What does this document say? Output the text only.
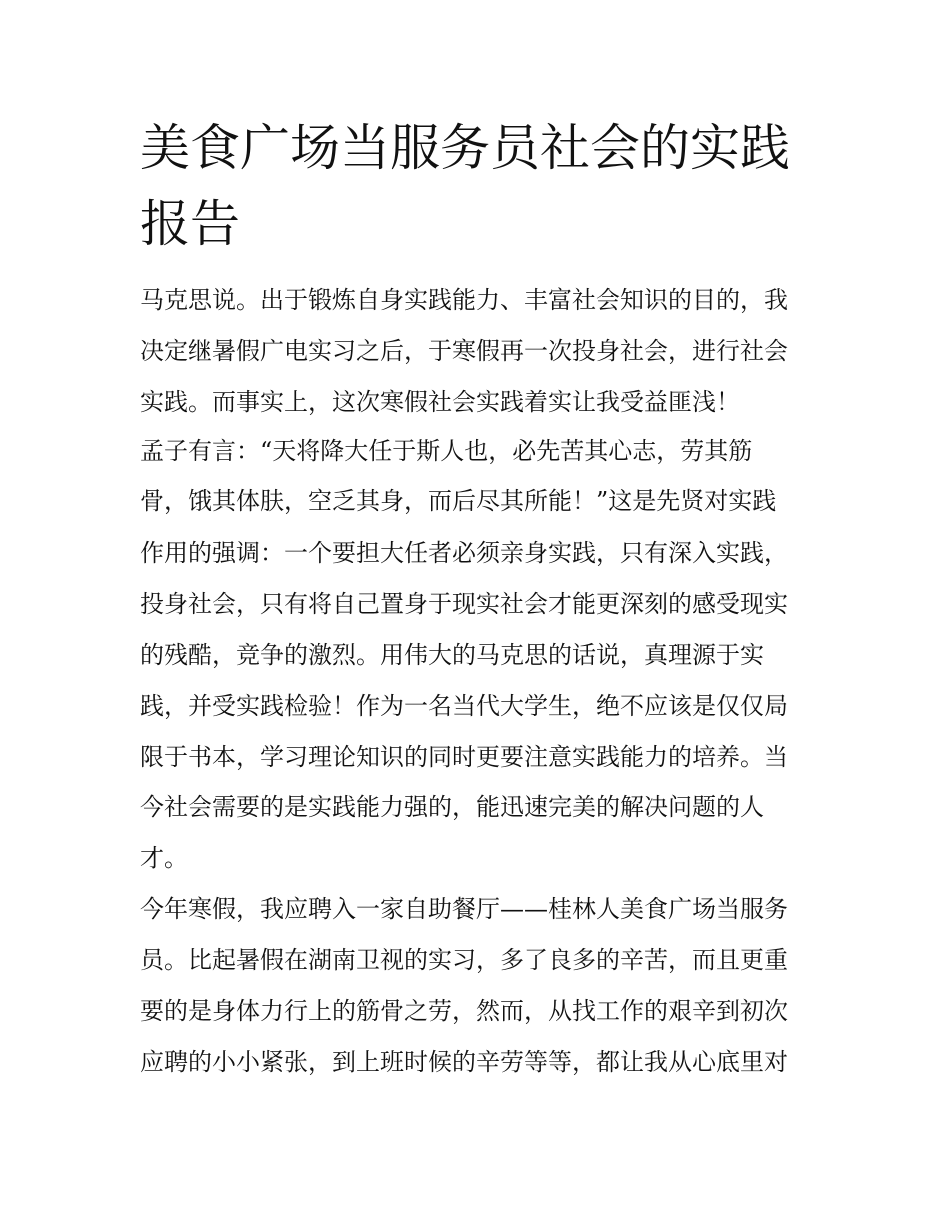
美食广场当服务员社会的实践
报告

马克思说。出于锻炼自身实践能力、丰富社会知识的目的，我

决定继暑假广电实习之后，于寒假再一次投身社会，进行社会

实践。而事实上，这次寒假社会实践着实让我受益匪浅！

孟子有言：“天将降大任于斯人也，必先苦其心志，劳其筋

骨，饿其体肤，空乏其身，而后尽其所能！”这是先贤对实践

作用的强调：一个要担大任者必须亲身实践，只有深入实践，

投身社会，只有将自己置身于现实社会才能更深刻的感受现实

的残酷，竞争的激烈。用伟大的马克思的话说，真理源于实

践，并受实践检验！作为一名当代大学生，绝不应该是仅仅局

限于书本，学习理论知识的同时更要注意实践能力的培养。当

今社会需要的是实践能力强的，能迅速完美的解决问题的人

才。

今年寒假，我应聘入一家自助餐厅——桂林人美食广场当服务

员。比起暑假在湖南卫视的实习，多了良多的辛苦，而且更重

要的是身体力行上的筋骨之劳，然而，从找工作的艰辛到初次

应聘的小小紧张，到上班时候的辛劳等等，都让我从心底里对
